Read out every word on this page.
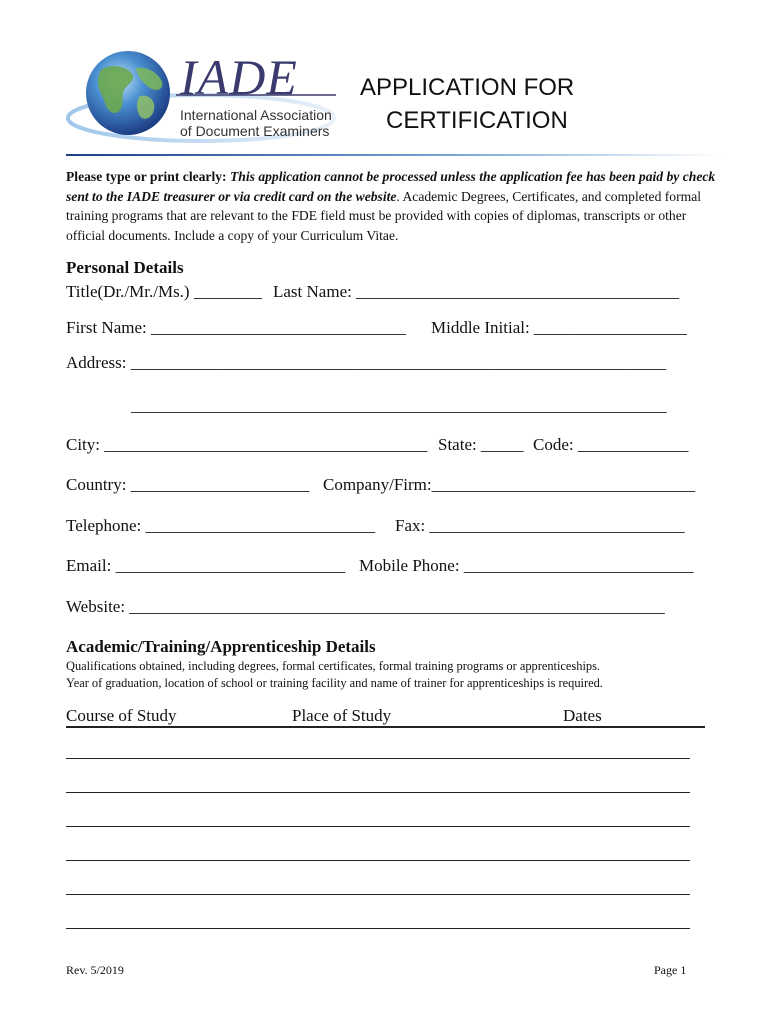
IADE
International Association
of Document Examiners
APPLICATION FOR
CERTIFICATION
Please type or print clearly: This application cannot be processed unless the application fee has been paid by check sent to the IADE treasurer or via credit card on the website. Academic Degrees, Certificates, and completed formal training programs that are relevant to the FDE field must be provided with copies of diplomas, transcripts or other official documents. Include a copy of your Curriculum Vitae.
Personal Details
Title(Dr./Mr./Ms.) ________ Last Name: ______________________________________
First Name: ______________________________ Middle Initial: __________________
Address: _______________________________________________________________
_______________________________________________________________
City: ______________________________________ State: _____ Code: _____________
Country: _____________________ Company/Firm:_______________________________
Telephone: ___________________________ Fax: ______________________________
Email: ___________________________ Mobile Phone: ___________________________
Website: _______________________________________________________________
Academic/Training/Apprenticeship Details
Qualifications obtained, including degrees, formal certificates, formal training programs or apprenticeships.
Year of graduation, location of school or training facility and name of trainer for apprenticeships is required.
Course of Study	Place of Study	Dates
Rev. 5/2019	Page 1
